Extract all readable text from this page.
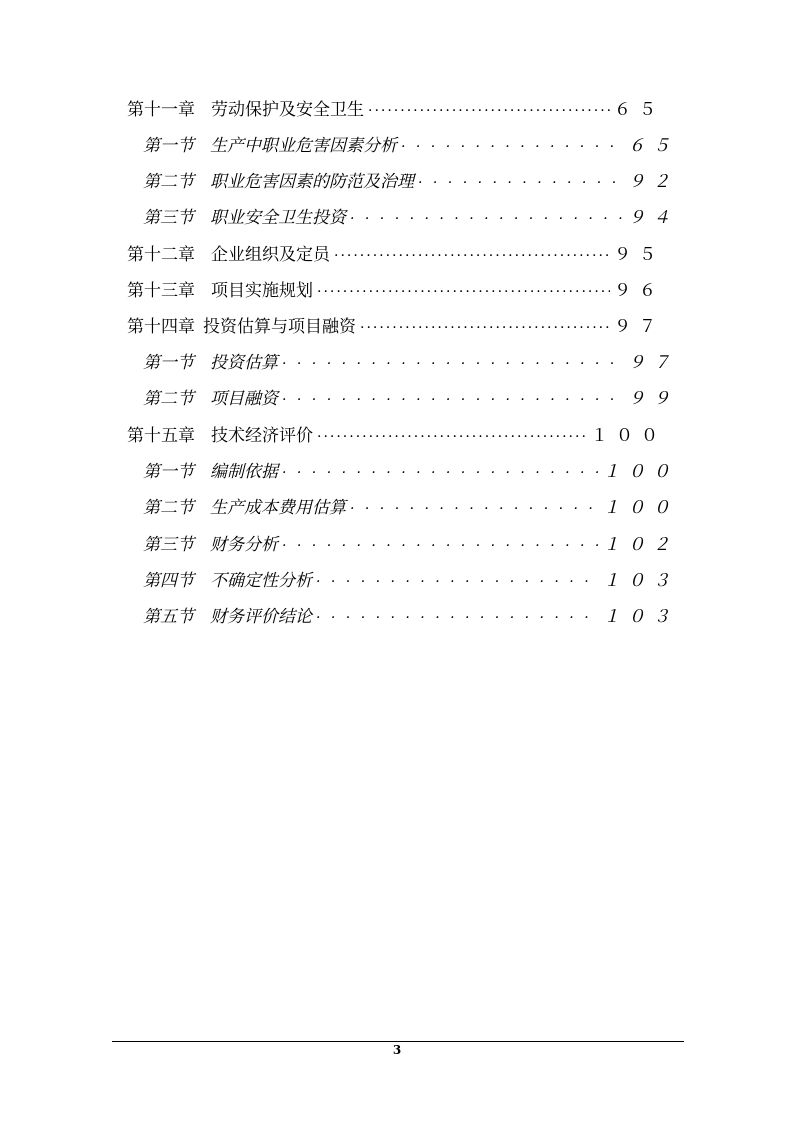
第十一章 劳动保护及安全卫生 .....	６５
第一节 生产中职业危害因素分析 . . .	６５
第二节 职业危害因素的防范及治理 . . .	９２
第三节 职业安全卫生投资 . . .	９４
第十二章 企业组织及定员 .....	９５
第十三章 项目实施规划 .....	９６
第十四章 投资估算与项目融资 .....	９７
第一节 投资估算 . . .	９７
第二节 项目融资 . . .	９９
第十五章 技术经济评价 .....	１００
第一节 编制依据 . . .	１００
第二节 生产成本费用估算 . . .	１００
第三节 财务分析 . . .	１０２
第四节 不确定性分析 . . .	１０３
第五节 财务评价结论 . . .	１０３
3
